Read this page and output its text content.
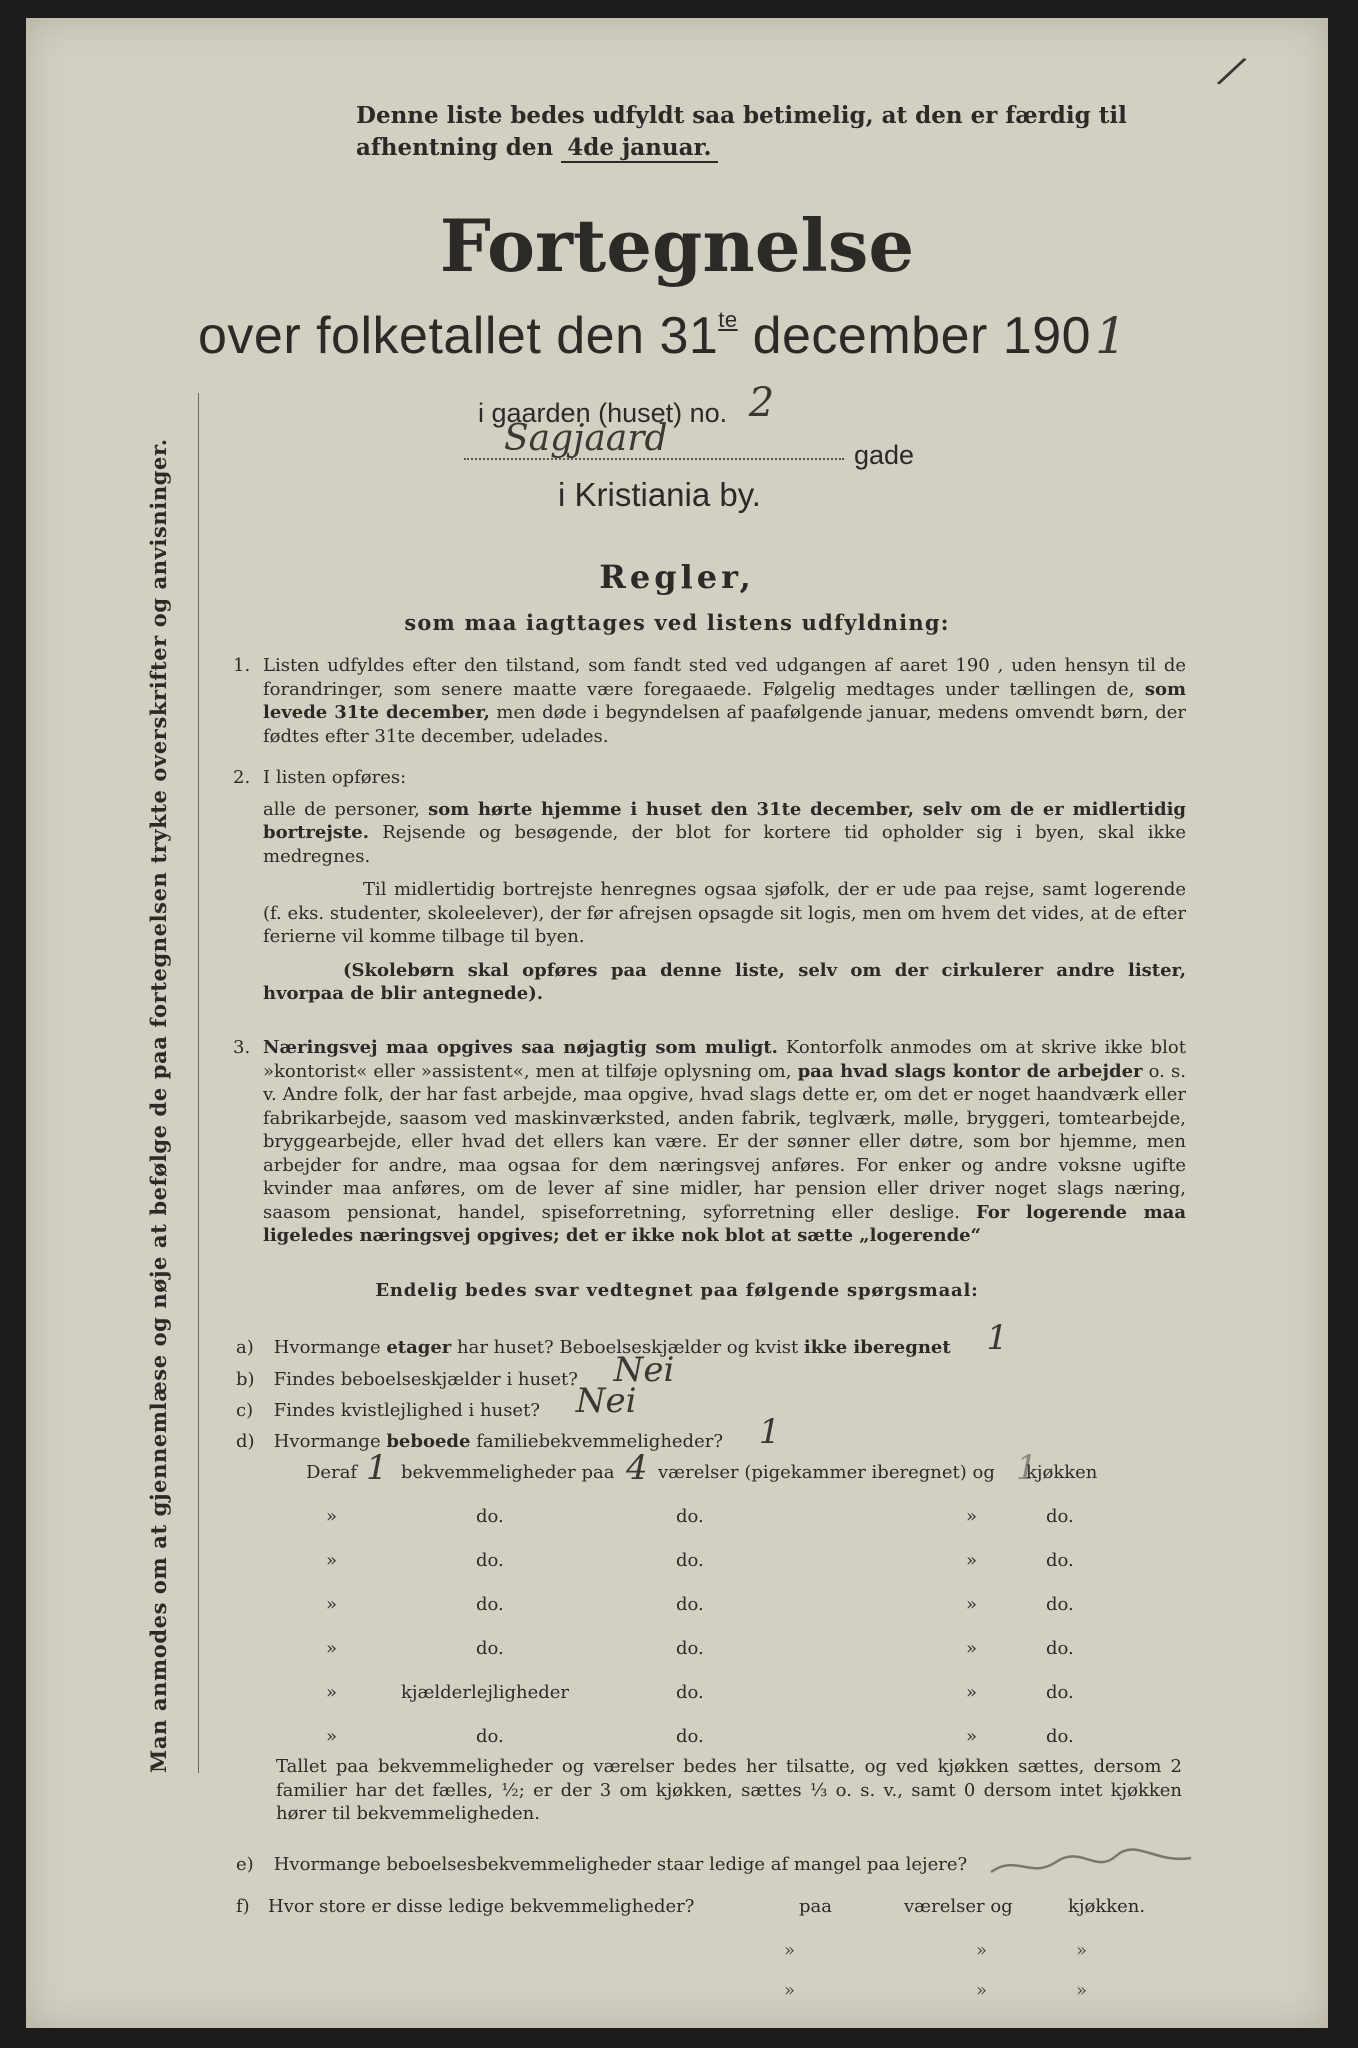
/
Man anmodes om at gjennemlæse og nøje at befølge de paa fortegnelsen trykte overskrifter og anvisninger.
Denne liste bedes udfyldt saa betimelig, at den er færdig til
afhentning den 4de januar.
Fortegnelse
over folketallet den $31^{te}$ december 1901
i gaarden (huset) no. 2
Sagjaard	gade
i Kristiania by.
Regler,
som maa iagttages ved listens udfyldning:
1. Listen udfyldes efter den tilstand, som fandt sted ved udgangen af aaret 190 , uden hensyn til de forandringer, som senere maatte være foregaaede. Følgelig medtages under tællingen de, som levede 31te december, men døde i begyndelsen af paafølgende januar, medens omvendt børn, der fødtes efter 31te december, udelades.
2. I listen opføres:
alle de personer, som hørte hjemme i huset den 31te december, selv om de er midlertidig bortrejste. Rejsende og besøgende, der blot for kortere tid opholder sig i byen, skal ikke medregnes.
Til midlertidig bortrejste henregnes ogsaa sjøfolk, der er ude paa rejse, samt logerende (f. eks. studenter, skoleelever), der før afrejsen opsagde sit logis, men om hvem det vides, at de efter ferierne vil komme tilbage til byen.
(Skolebørn skal opføres paa denne liste, selv om der cirkulerer andre lister, hvorpaa de blir antegnede).
3. Næringsvej maa opgives saa nøjagtig som muligt. Kontorfolk anmodes om at skrive ikke blot »kontorist« eller »assistent«, men at tilføje oplysning om, paa hvad slags kontor de arbejder o. s. v. Andre folk, der har fast arbejde, maa opgive, hvad slags dette er, om det er noget haandværk eller fabrikarbejde, saasom ved maskinværksted, anden fabrik, teglværk, mølle, bryggeri, tomtearbejde, bryggearbejde, eller hvad det ellers kan være. Er der sønner eller døtre, som bor hjemme, men arbejder for andre, maa ogsaa for dem næringsvej anføres. For enker og andre voksne ugifte kvinder maa anføres, om de lever af sine midler, har pension eller driver noget slags næring, saasom pensionat, handel, spiseforretning, syforretning eller deslige. For logerende maa ligeledes næringsvej opgives; det er ikke nok blot at sætte „logerende“
Endelig bedes svar vedtegnet paa følgende spørgsmaal:
a) Hvormange etager har huset? Beboelseskjælder og kvist ikke iberegnet 1
b) Findes beboelseskjælder i huset? Nei
c) Findes kvistlejlighed i huset? Nei
d) Hvormange beboede familiebekvemmeligheder? 1
Deraf 1 bekvemmeligheder paa 4 værelser (pigekammer iberegnet) og 1
kjøkken
»	do.	do.	»	do.
»	do.	do.	»	do.
»	do.	do.	»	do.
»	do.	do.	»	do.
»	kjælderlejligheder	do.	»	do.
»	do.	do.	»	do.
Tallet paa bekvemmeligheder og værelser bedes her tilsatte, og ved kjøkken sættes, dersom 2 familier har det fælles, ½; er der 3 om kjøkken, sættes ⅓ o. s. v., samt 0 dersom intet kjøkken hører til bekvemmeligheden.
e) Hvormange beboelsesbekvemmeligheder staar ledige af mangel paa lejere?
f) Hvor store er disse ledige bekvemmeligheder?	paa	værelser og	kjøkken.
»	»	»
»	»	»
